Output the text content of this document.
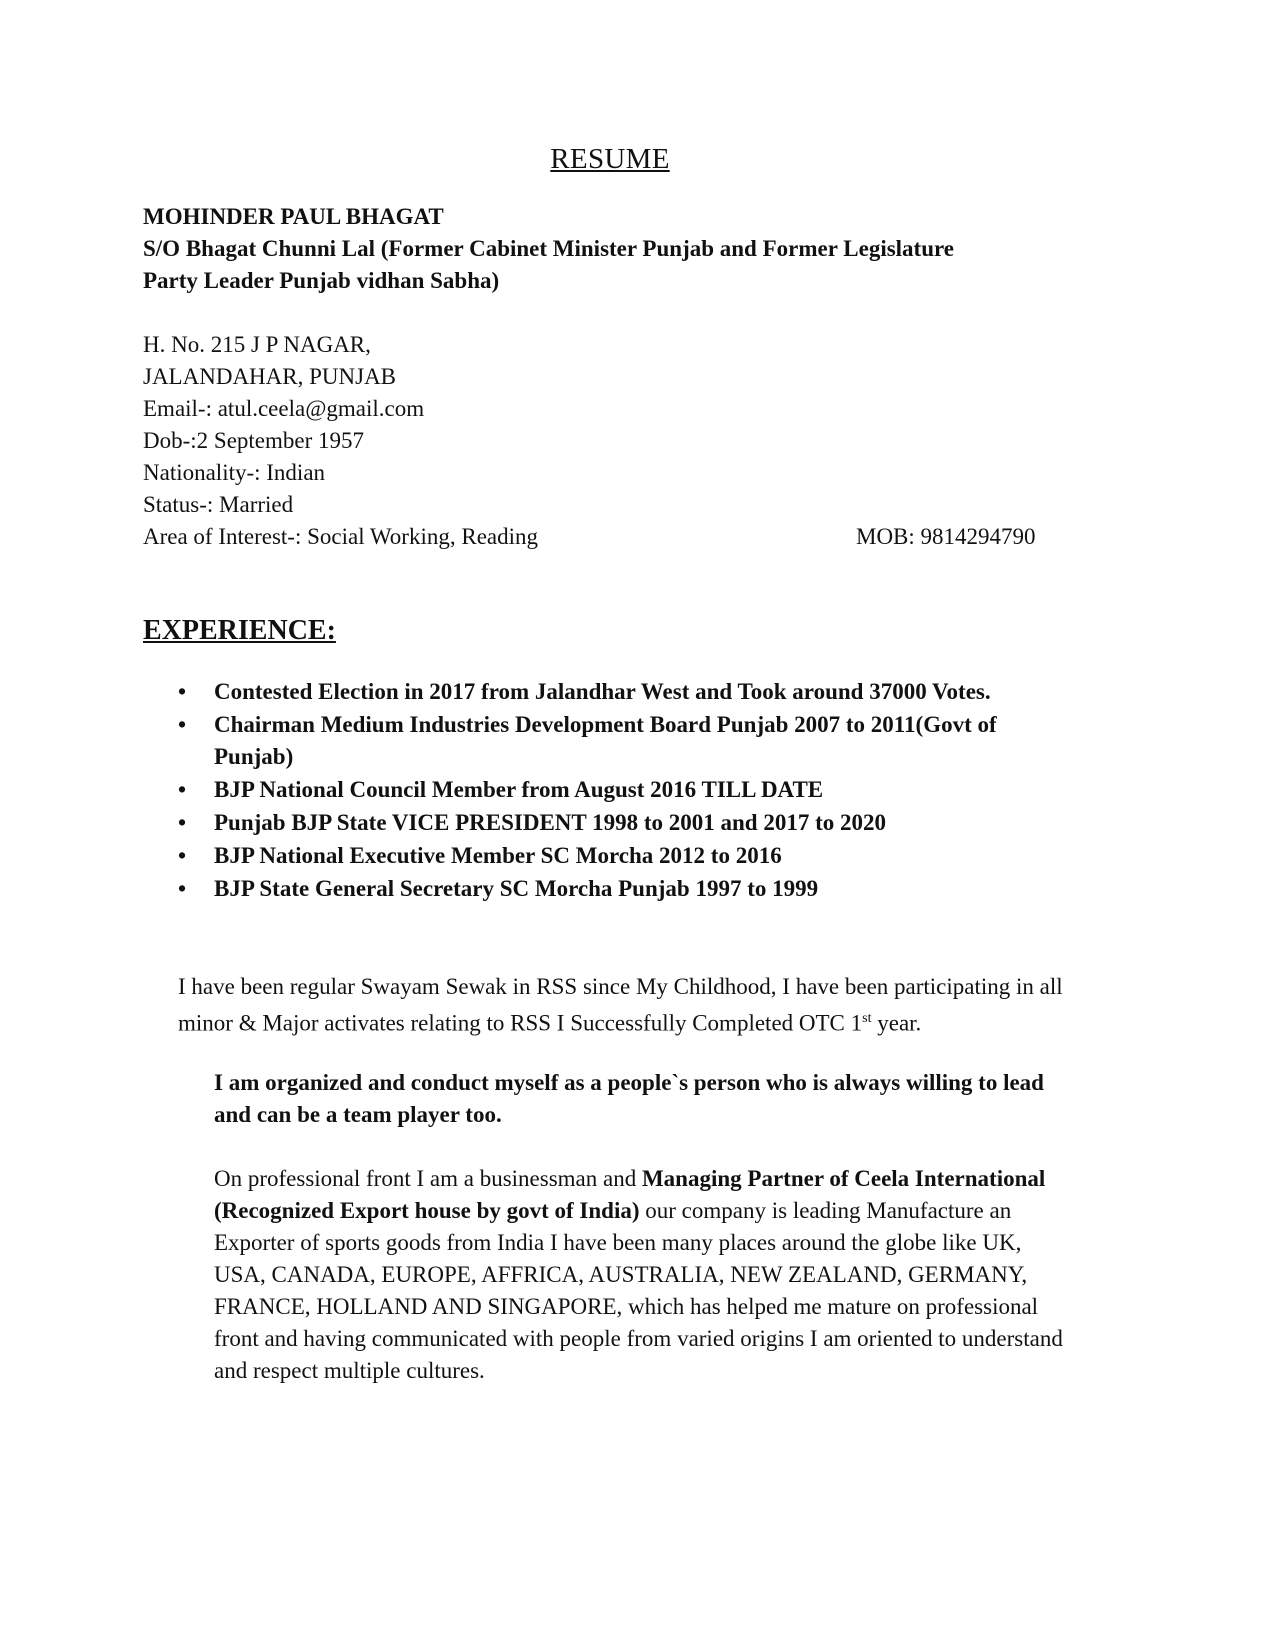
RESUME
MOHINDER PAUL BHAGAT
S/O Bhagat Chunni Lal (Former Cabinet Minister Punjab and Former Legislature
Party Leader Punjab vidhan Sabha)
H. No. 215 J P NAGAR,
JALANDAHAR, PUNJAB
Email-: atul.ceela@gmail.com
Dob-:2 September 1957
Nationality-: Indian
Status-: Married
Area of Interest-: Social Working, Reading	MOB: 9814294790
EXPERIENCE:
• Contested Election in 2017 from Jalandhar West and Took around 37000 Votes.
• Chairman Medium Industries Development Board Punjab 2007 to 2011(Govt of Punjab)
• BJP National Council Member from August 2016 TILL DATE
• Punjab BJP State VICE PRESIDENT 1998 to 2001 and 2017 to 2020
• BJP National Executive Member SC Morcha 2012 to 2016
• BJP State General Secretary SC Morcha Punjab 1997 to 1999
I have been regular Swayam Sewak in RSS since My Childhood, I have been participating in all minor & Major activates relating to RSS I Successfully Completed OTC 1st year.
I am organized and conduct myself as a people`s person who is always willing to lead and can be a team player too.
On professional front I am a businessman and Managing Partner of Ceela International (Recognized Export house by govt of India) our company is leading Manufacture an Exporter of sports goods from India I have been many places around the globe like UK, USA, CANADA, EUROPE, AFFRICA, AUSTRALIA, NEW ZEALAND, GERMANY, FRANCE, HOLLAND AND SINGAPORE, which has helped me mature on professional front and having communicated with people from varied origins I am oriented to understand and respect multiple cultures.
